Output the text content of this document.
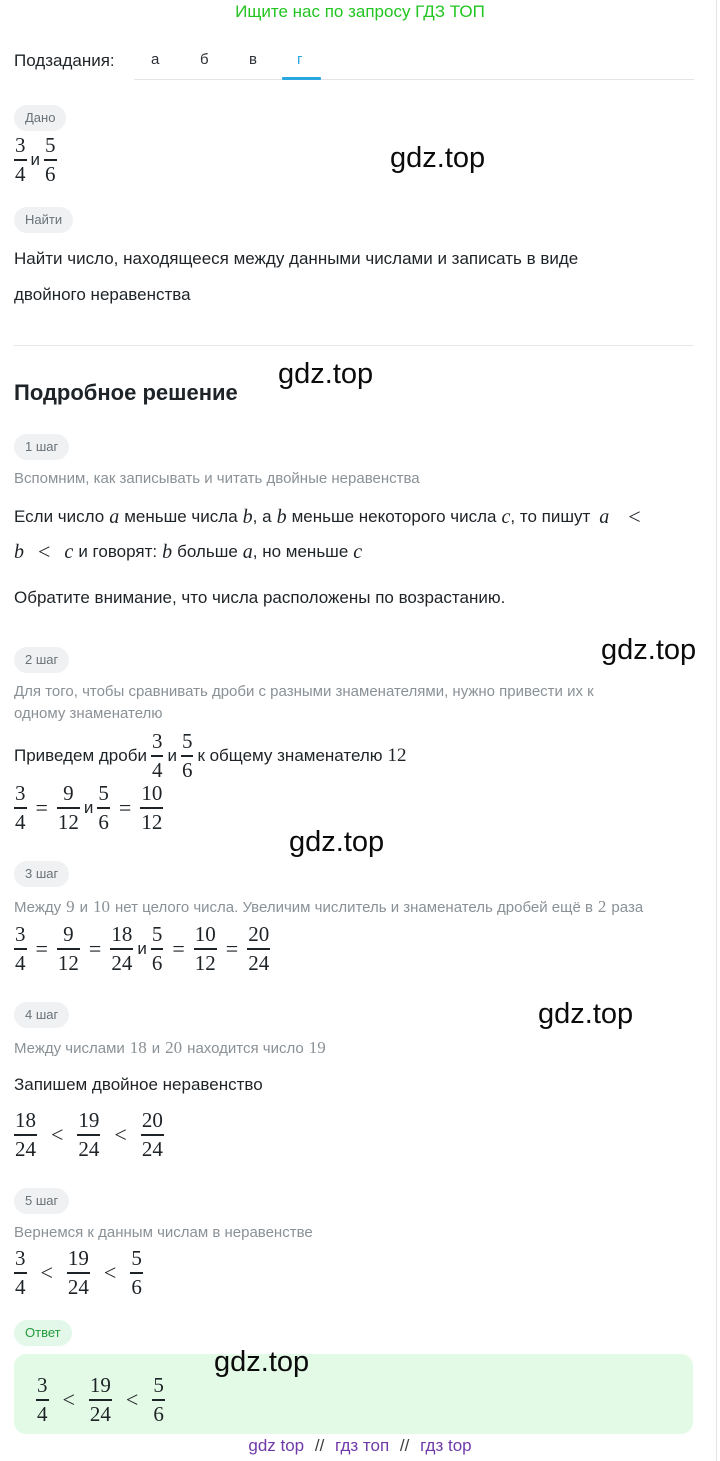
Ищите нас по запросу ГДЗ ТОП
Подзадания: а	б	в	г
Дано
$\frac{3}{4}$ и $\frac{5}{6}$	gdz.top
Найти
Найти число, находящееся между данными числами и записать в виде
двойного неравенства
gdz.top
Подробное решение
1 шаг
Вспомним, как записывать и читать двойные неравенства
Если число a меньше числа b , а b меньше некоторого числа c , то пишут a <
b < c и говорят: b больше a , но меньше c
Обратите внимание, что числа расположены по возрастанию.
gdz.top
2 шаг
Для того, чтобы сравнивать дроби с разными знаменателями, нужно привести их к
одному знаменателю
Приведем дроби $\frac{3}{4}$ и $\frac{5}{6}$ к общему знаменателю 12
$\frac{3}{4} = \frac{9}{12}$ и $\frac{5}{6} = \frac{10}{12}$
gdz.top
3 шаг
Между 9 и 10 нет целого числа. Увеличим числитель и знаменатель дробей ещё в 2 раза
$\frac{3}{4} = \frac{9}{12} = \frac{18}{24}$ и $\frac{5}{6} = \frac{10}{12} = \frac{20}{24}$
4 шаг	gdz.top
Между числами 18 и 20 находится число 19
Запишем двойное неравенство
$\frac{18}{24} < \frac{19}{24} < \frac{20}{24}$
5 шаг
Вернемся к данным числам в неравенстве
$\frac{3}{4} < \frac{19}{24} < \frac{5}{6}$
Ответ
gdz.top
$\frac{3}{4} < \frac{19}{24} < \frac{5}{6}$
gdz top // гдз топ // гдз top
